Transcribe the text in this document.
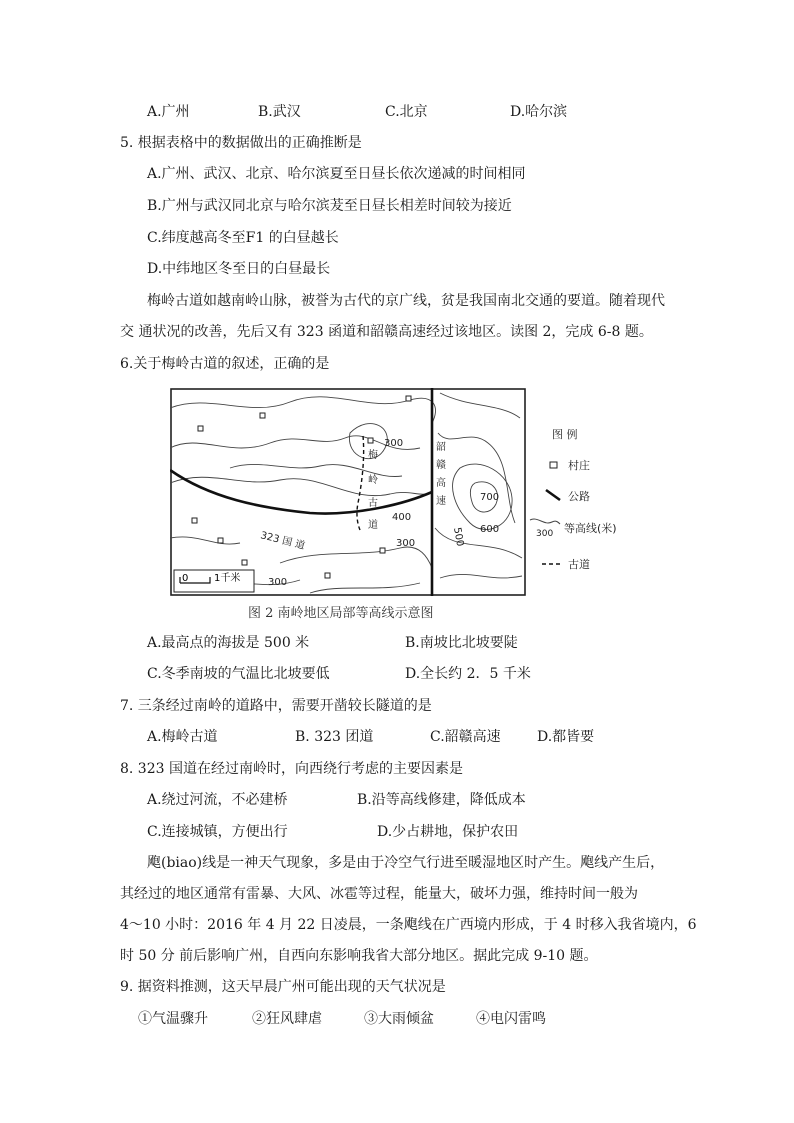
A.广州	B.武汉	C.北京	D.哈尔滨
5. 根据表格中的数据做出的正确推断是
A.广州、武汉、北京、哈尔滨夏至日昼长依次递减的时间相同
B.广州与武汉同北京与哈尔滨茇至日昼长相差时间较为接近
C.纬度越高冬至F1 的白昼越长
D.中纬地区冬至日的白昼最长
梅岭古道如越南岭山脉，被誉为古代的京广线，贫是我国南北交通的要道。随着现代
交 通状况的改善，先后又有 323 函道和韶赣高速经过该地区。读图 2，完成 6-8 题。
6.关于梅岭古道的叙述，正确的是
323 国 道
梅
岭
古
道
韶
赣
高
速
300
400
300	500 600
700
300
0	1千米
图 例
村庄
公路
300 等高线(米)
古道
图 2 南岭地区局部等高线示意图
A.最高点的海拔是 500 米	B.南坡比北坡要陡
C.冬季南坡的气温比北坡要低	D.全长约 2．5 千米
7. 三条经过南岭的道路中，需要开凿较长隧道的是
A.梅岭古道	B. 323 团道	C.韶赣高速	D.都皆要
8. 323 国道在经过南岭时，向西绕行考虑的主要因素是
A.绕过河流，不必建桥	B.沿等高线修建，降低成本
C.连接城镇，方便出行	D.少占耕地，保护农田
飑(biao)线是一神天气现象，多是由于冷空气行进至暖湿地区时产生。飑线产生后，
其经过的地区通常有雷暴、大风、冰雹等过程，能量大，破坏力强，维持时间一般为
4～10 小时：2016 年 4 月 22 日凌晨，一条飑线在广西境内形成，于 4 时移入我省境内，6
时 50 分 前后影响广州，自西向东影响我省大部分地区。据此完成 9-10 题。
9. 据资料推测，这天早晨广州可能出现的天气状况是
①气温骤升	②狂风肆虐	③大雨倾盆	④电闪雷鸣
